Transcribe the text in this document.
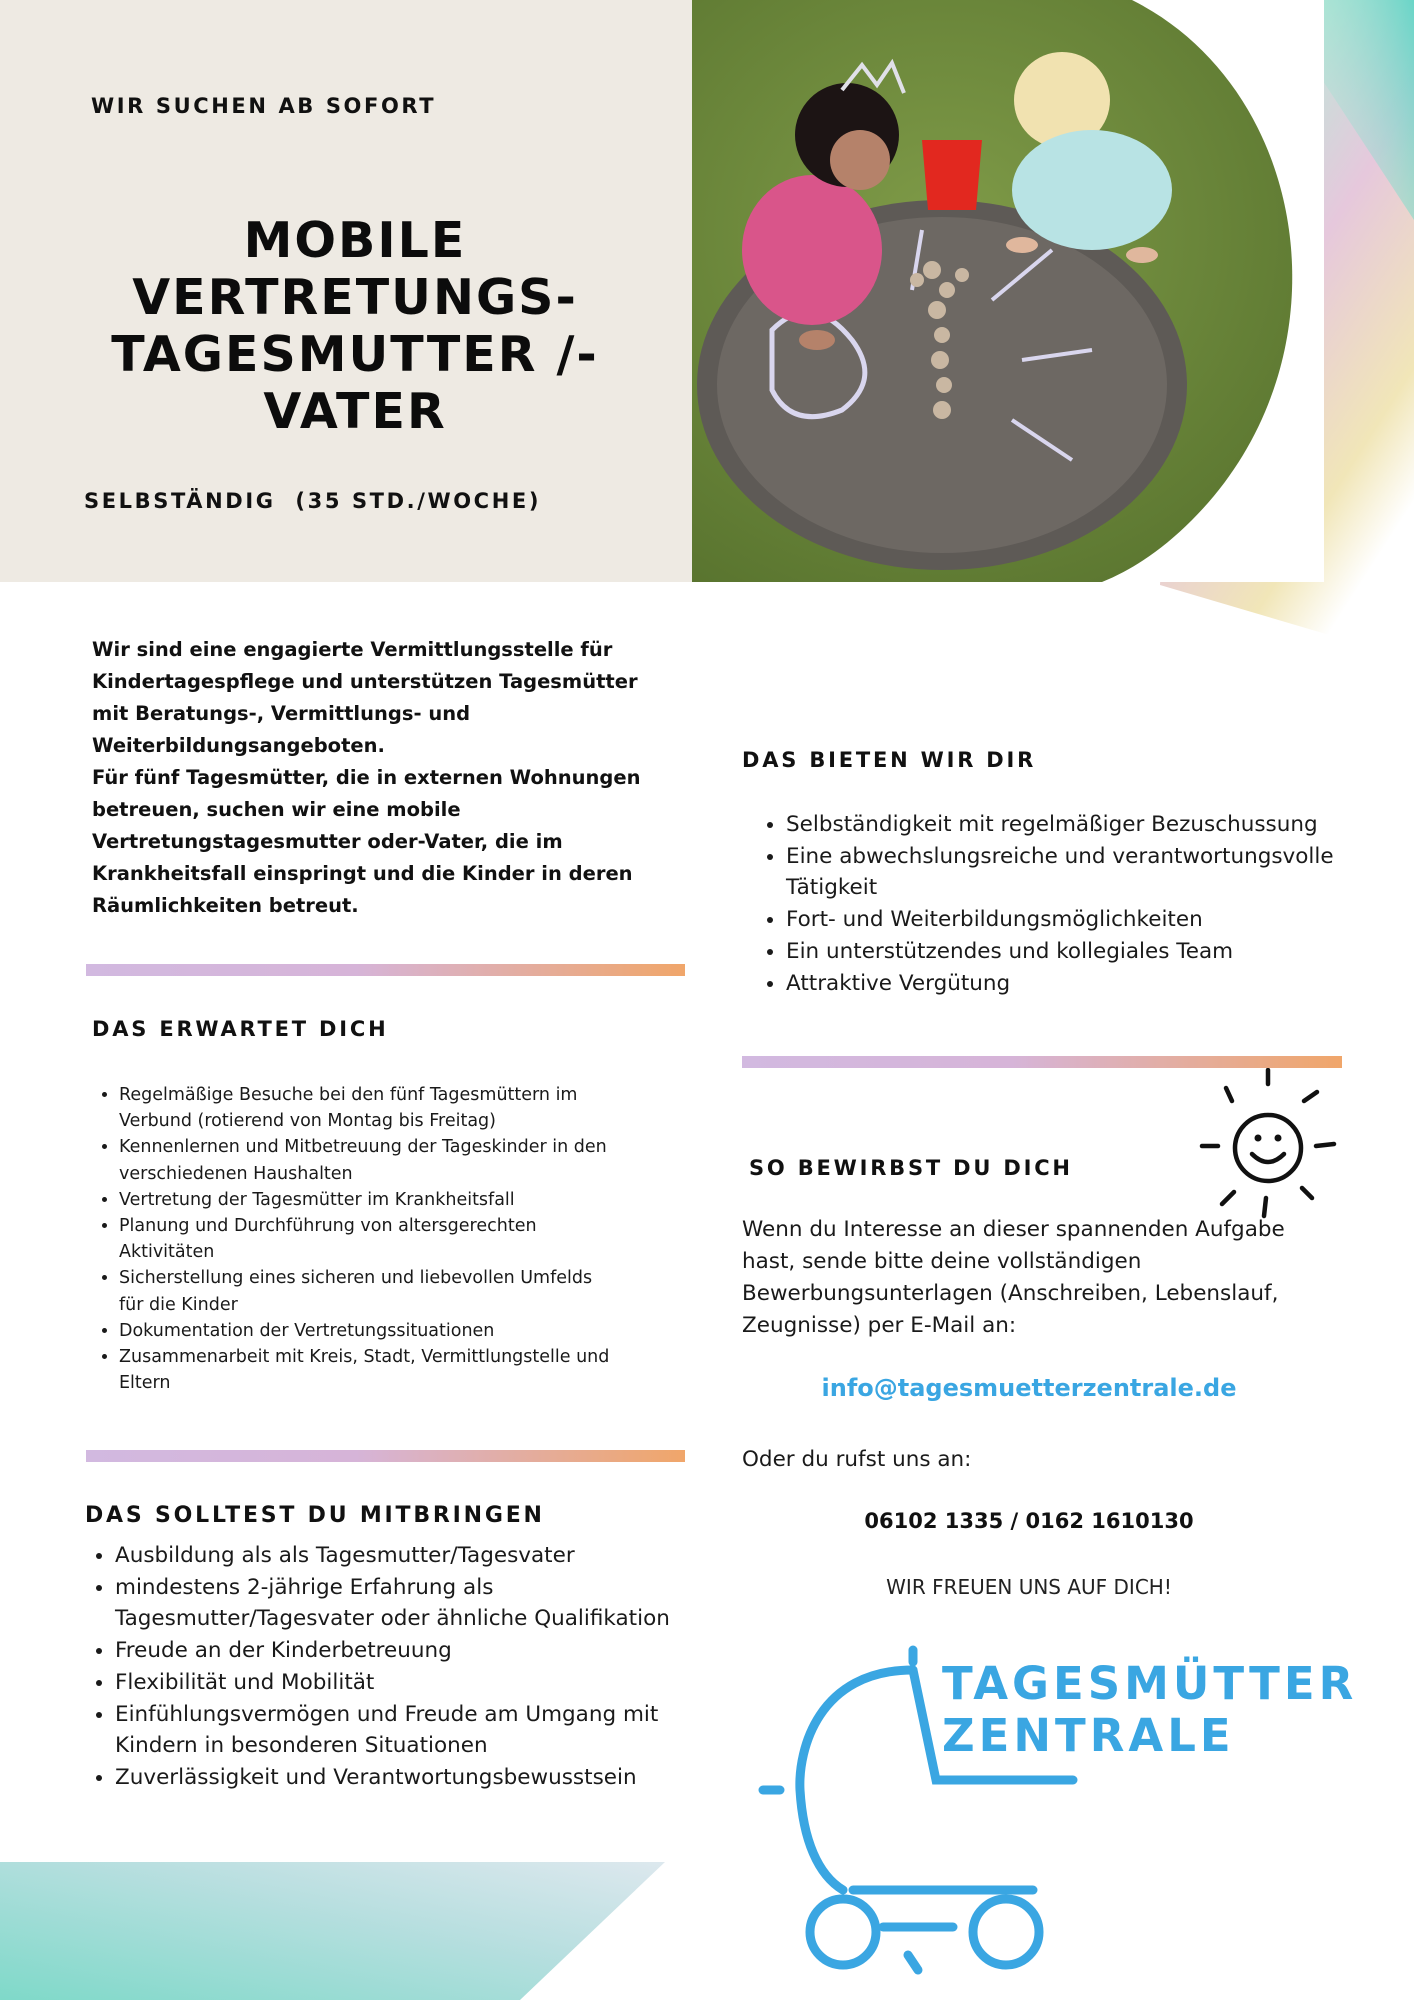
WIR SUCHEN AB SOFORT

MOBILE
VERTRETUNGS-
TAGESMUTTER /-
VATER

SELBSTÄNDIG  (35 STD./WOCHE)

Wir sind eine engagierte Vermittlungsstelle für Kindertagespflege und unterstützen Tagesmütter mit Beratungs-, Vermittlungs- und Weiterbildungsangeboten.

Für fünf Tagesmütter, die in externen Wohnungen betreuen, suchen wir eine mobile Vertretungstagesmutter oder-Vater, die im Krankheitsfall einspringt und die Kinder in deren Räumlichkeiten betreut.

DAS ERWARTET DICH
• Regelmäßige Besuche bei den fünf Tagesmüttern im Verbund (rotierend von Montag bis Freitag)
• Kennenlernen und Mitbetreuung der Tageskinder in den verschiedenen Haushalten
• Vertretung der Tagesmütter im Krankheitsfall
• Planung und Durchführung von altersgerechten Aktivitäten
• Sicherstellung eines sicheren und liebevollen Umfelds für die Kinder
• Dokumentation der Vertretungssituationen
• Zusammenarbeit mit Kreis, Stadt, Vermittlungstelle und Eltern
DAS SOLLTEST DU MITBRINGEN
• Ausbildung als als Tagesmutter/Tagesvater
• mindestens 2-jährige Erfahrung als Tagesmutter/Tagesvater oder ähnliche Qualifikation
• Freude an der Kinderbetreuung
• Flexibilität und Mobilität
• Einfühlungsvermögen und Freude am Umgang mit Kindern in besonderen Situationen
• Zuverlässigkeit und Verantwortungsbewusstsein
DAS BIETEN WIR DIR
• Selbständigkeit mit regelmäßiger Bezuschussung
• Eine abwechslungsreiche und verantwortungsvolle Tätigkeit
• Fort- und Weiterbildungsmöglichkeiten
• Ein unterstützendes und kollegiales Team
• Attraktive Vergütung
SO BEWIRBST DU DICH

Wenn du Interesse an dieser spannenden Aufgabe hast, sende bitte deine vollständigen Bewerbungsunterlagen (Anschreiben, Lebenslauf, Zeugnisse) per E-Mail an:

info@tagesmuetterzentrale.de

Oder du rufst uns an:

06102 1335 / 0162 1610130

WIR FREUEN UNS AUF DICH!

TAGESMÜTTER
ZENTRALE
